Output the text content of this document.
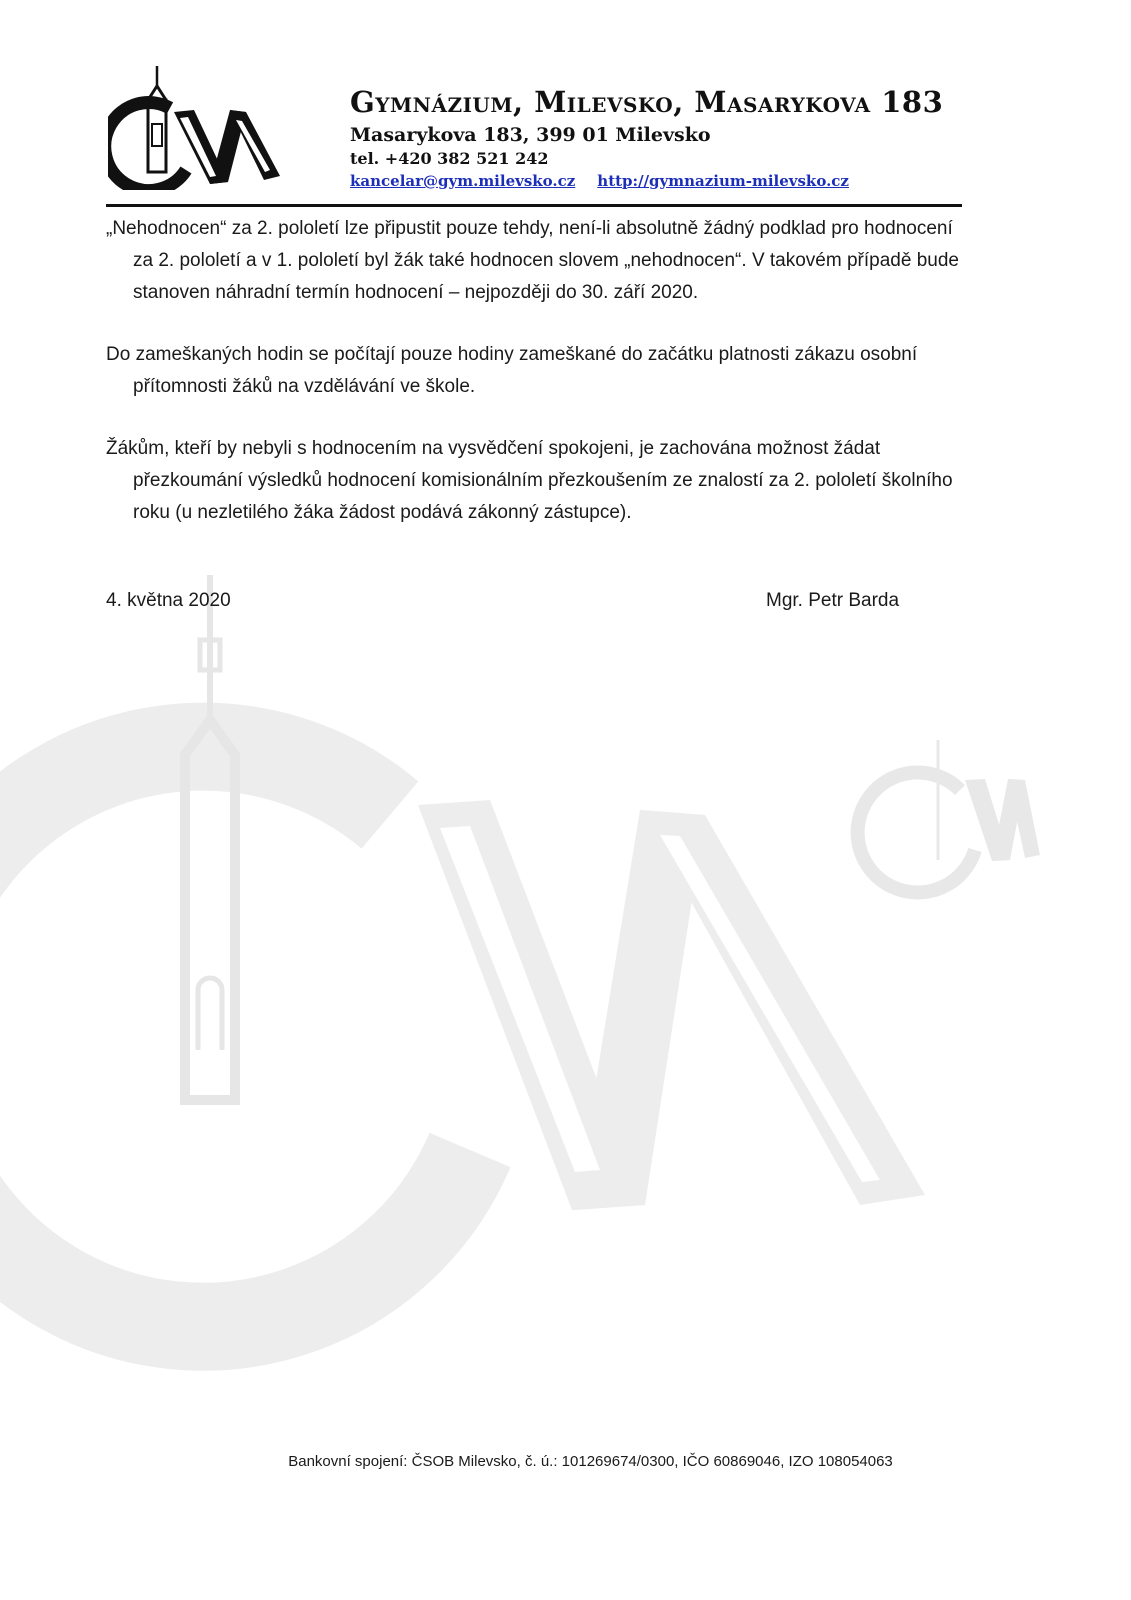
Gymnázium, Milevsko, Masarykova 183
Masarykova 183, 399 01 Milevsko
tel. +420 382 521 242
kancelar@gym.milevsko.cz http://gymnazium-milevsko.cz

„Nehodnocen“ za 2. pololetí lze připustit pouze tehdy, není-li absolutně žádný podklad pro hodnocení za 2. pololetí a v 1. pololetí byl žák také hodnocen slovem „nehodnocen“. V takovém případě bude stanoven náhradní termín hodnocení – nejpozději do 30. září 2020.

Do zameškaných hodin se počítají pouze hodiny zameškané do začátku platnosti zákazu osobní přítomnosti žáků na vzdělávání ve škole.

Žákům, kteří by nebyli s hodnocením na vysvědčení spokojeni, je zachována možnost žádat přezkoumání výsledků hodnocení komisionálním přezkoušením ze znalostí za 2. pololetí školního roku (u nezletilého žáka žádost podává zákonný zástupce).

4. května 2020	Mgr. Petr Barda
Bankovní spojení: ČSOB Milevsko, č. ú.: 101269674/0300, IČO 60869046, IZO 108054063
